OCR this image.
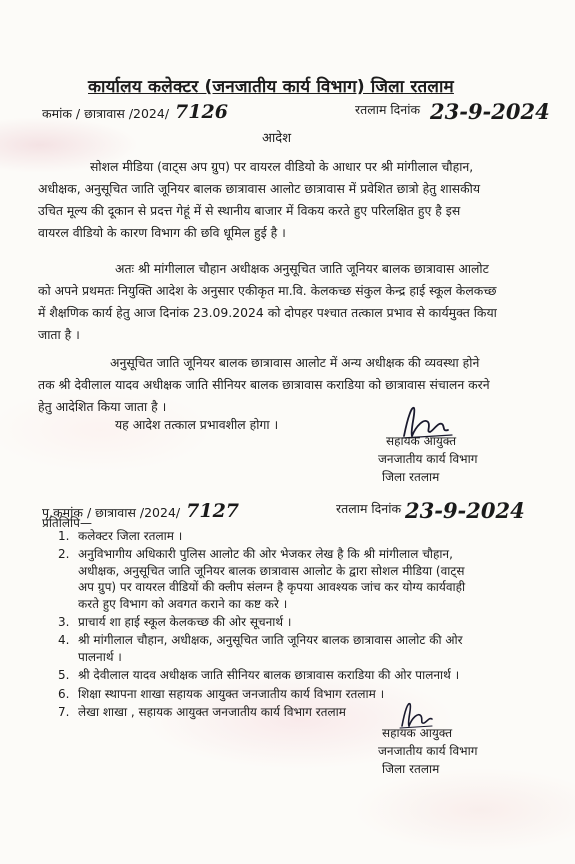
कार्यालय कलेक्टर (जनजातीय कार्य विभाग) जिला रतलाम
कमांक / छात्रावास /2024/ 7126	रतलाम दिनांक 23-9-2024
आदेश
सोशल मीडिया (वाट्स अप ग्रुप) पर वायरल वीडियो के आधार पर श्री मांगीलाल चौहान,
अधीक्षक, अनुसूचित जाति जूनियर बालक छात्रावास आलोट छात्रावास में प्रवेशित छात्रो हेतु शासकीय
उचित मूल्य की दूकान से प्रदत्त गेहूं में से स्थानीय बाजार में विकय करते हुए परिलक्षित हुए है इस
वायरल वीडियो के कारण विभाग की छवि धूमिल हुई है ।
अतः श्री मांगीलाल चौहान अधीक्षक अनुसूचित जाति जूनियर बालक छात्रावास आलोट
को अपने प्रथमतः नियुक्ति आदेश के अनुसार एकीकृत मा.वि. केलकच्छ संकुल केन्द्र हाई स्कूल केलकच्छ
में शैक्षणिक कार्य हेतु आज दिनांक 23.09.2024 को दोपहर पश्चात तत्काल प्रभाव से कार्यमुक्त किया
जाता है ।
अनुसूचित जाति जूनियर बालक छात्रावास आलोट में अन्य अधीक्षक की व्यवस्था होने
तक श्री देवीलाल यादव अधीक्षक जाति सीनियर बालक छात्रावास कराडिया को छात्रावास संचालन करने
हेतु आदेशित किया जाता है ।
यह आदेश तत्काल प्रभावशील होगा ।
सहायक आयुक्त
जनजातीय कार्य विभाग
जिला रतलाम
पृ.कमांक / छात्रावास /2024/ 7127	रतलाम दिनांक 23-9-2024
प्रतिलिपि—
1. कलेक्टर जिला रतलाम ।
2. अनुविभागीय अधिकारी पुलिस आलोट की ओर भेजकर लेख है कि श्री मांगीलाल चौहान,
अधीक्षक, अनुसूचित जाति जूनियर बालक छात्रावास आलोट के द्वारा सोशल मीडिया (वाट्स
अप ग्रुप) पर वायरल वीडियों की क्लीप संलग्न है कृपया आवश्यक जांच कर योग्य कार्यवाही
करते हुए विभाग को अवगत कराने का कष्ट करे ।
3. प्राचार्य शा हाई स्कूल केलकच्छ की ओर सूचनार्थ ।
4. श्री मांगीलाल चौहान, अधीक्षक, अनुसूचित जाति जूनियर बालक छात्रावास आलोट की ओर
पालनार्थ ।
5. श्री देवीलाल यादव अधीक्षक जाति सीनियर बालक छात्रावास कराडिया की ओर पालनार्थ ।
6. शिक्षा स्थापना शाखा सहायक आयुक्त जनजातीय कार्य विभाग रतलाम ।
7. लेखा शाखा , सहायक आयुक्त जनजातीय कार्य विभाग रतलाम
सहायक आयुक्त
जनजातीय कार्य विभाग
जिला रतलाम
